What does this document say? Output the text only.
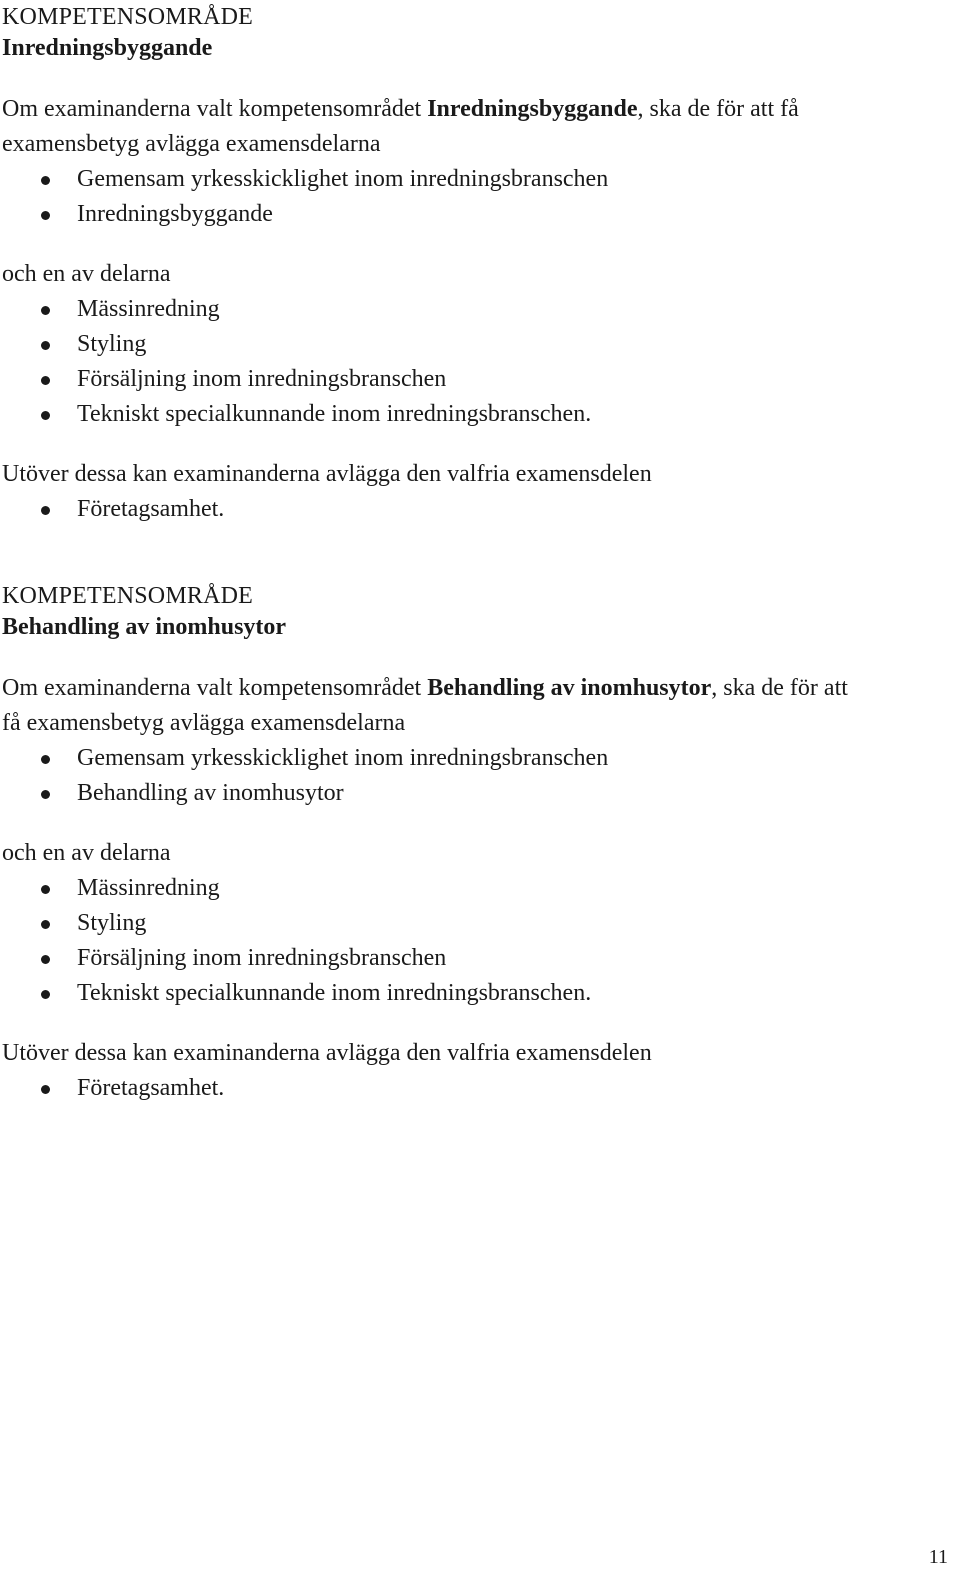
KOMPETENSOMRÅDE
Inredningsbyggande
Om examinanderna valt kompetensområdet Inredningsbyggande, ska de för att få
examensbetyg avlägga examensdelarna
Gemensam yrkesskicklighet inom inredningsbranschen
Inredningsbyggande
och en av delarna
Mässinredning
Styling
Försäljning inom inredningsbranschen
Tekniskt specialkunnande inom inredningsbranschen.
Utöver dessa kan examinanderna avlägga den valfria examensdelen
Företagsamhet.
KOMPETENSOMRÅDE
Behandling av inomhusytor
Om examinanderna valt kompetensområdet Behandling av inomhusytor, ska de för att
få examensbetyg avlägga examensdelarna
Gemensam yrkesskicklighet inom inredningsbranschen
Behandling av inomhusytor
och en av delarna
Mässinredning
Styling
Försäljning inom inredningsbranschen
Tekniskt specialkunnande inom inredningsbranschen.
Utöver dessa kan examinanderna avlägga den valfria examensdelen
Företagsamhet.
11
